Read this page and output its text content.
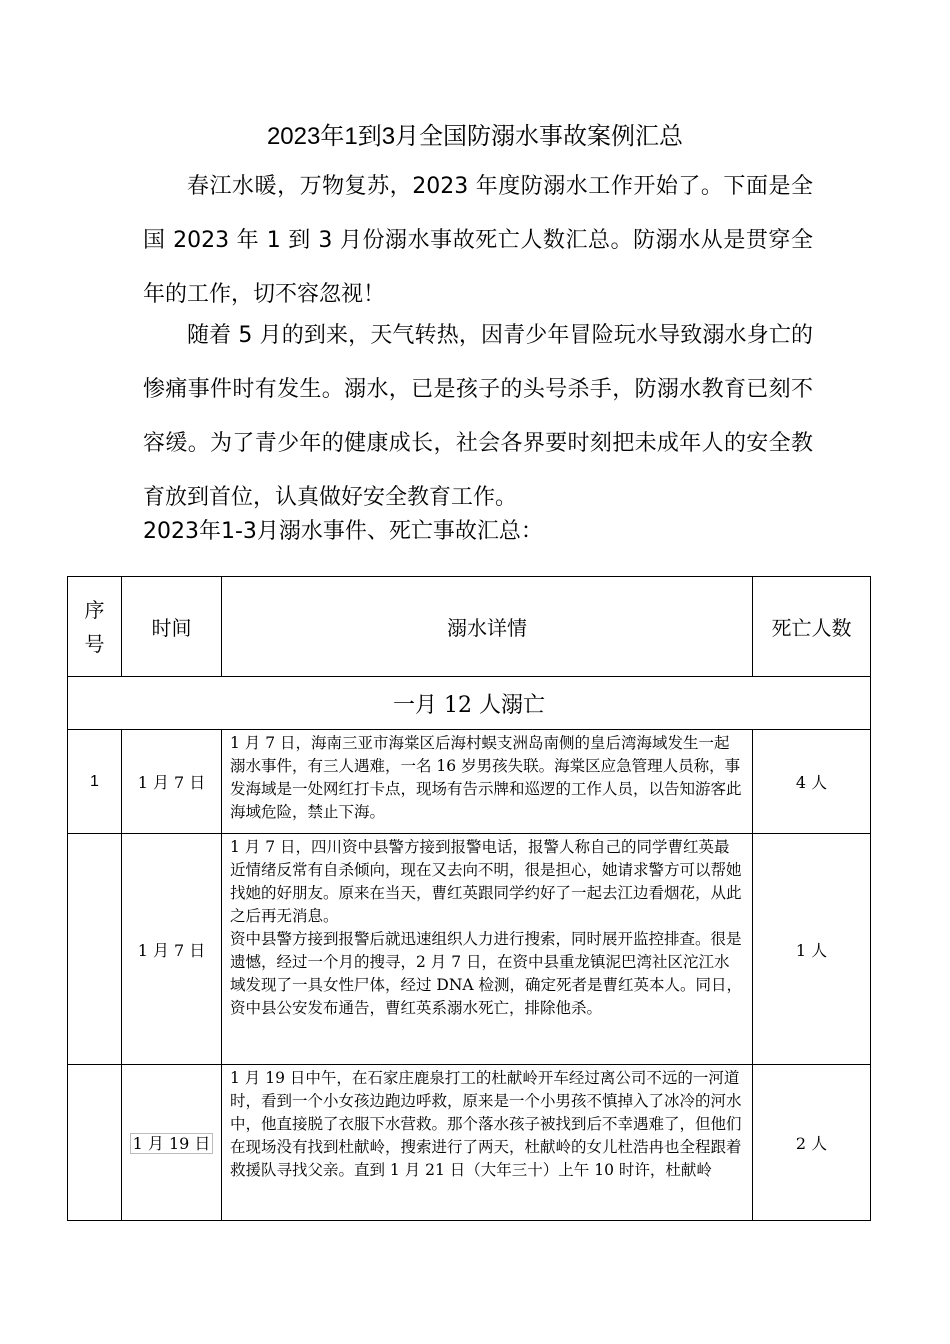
2023年1到3月全国防溺水事故案例汇总

春江水暖，万物复苏，2023 年度防溺水工作开始了。下面是全国 2023 年 1 到 3 月份溺水事故死亡人数汇总。防溺水从是贯穿全年的工作，切不容忽视！

随着 5 月的到来，天气转热，因青少年冒险玩水导致溺水身亡的惨痛事件时有发生。溺水，已是孩子的头号杀手，防溺水教育已刻不容缓。为了青少年的健康成长，社会各界要时刻把未成年人的安全教育放到首位，认真做好安全教育工作。

2023年1-3月溺水事件、死亡事故汇总：
序号	时间	溺水详情	死亡人数
一月 12 人溺亡			
1	1 月 7 日	1 月 7 日，海南三亚市海棠区后海村蜈支洲岛南侧的皇后湾海域发生一起溺水事件，有三人遇难，一名 16 岁男孩失联。海棠区应急管理人员称，事发海域是一处网红打卡点，现场有告示牌和巡逻的工作人员，以告知游客此海域危险，禁止下海。	4 人
	1 月 7 日	1 月 7 日，四川资中县警方接到报警电话，报警人称自己的同学曹红英最近情绪反常有自杀倾向，现在又去向不明，很是担心，她请求警方可以帮她找她的好朋友。原来在当天，曹红英跟同学约好了一起去江边看烟花，从此之后再无消息。
资中县警方接到报警后就迅速组织人力进行搜索，同时展开监控排查。很是遗憾，经过一个月的搜寻，2 月 7 日，在资中县重龙镇泥巴湾社区沱江水域发现了一具女性尸体，经过 DNA 检测，确定死者是曹红英本人。同日，资中县公安发布通告，曹红英系溺水死亡，排除他杀。	1 人
	1 月 19 日	1 月 19 日中午，在石家庄鹿泉打工的杜献岭开车经过离公司不远的一河道时，看到一个小女孩边跑边呼救，原来是一个小男孩不慎掉入了冰冷的河水中，他直接脱了衣服下水营救。那个落水孩子被找到后不幸遇难了，但他们在现场没有找到杜献岭，搜索进行了两天，杜献岭的女儿杜浩冉也全程跟着救援队寻找父亲。直到 1 月 21 日（大年三十）上午 10 时许，杜献岭	2 人
